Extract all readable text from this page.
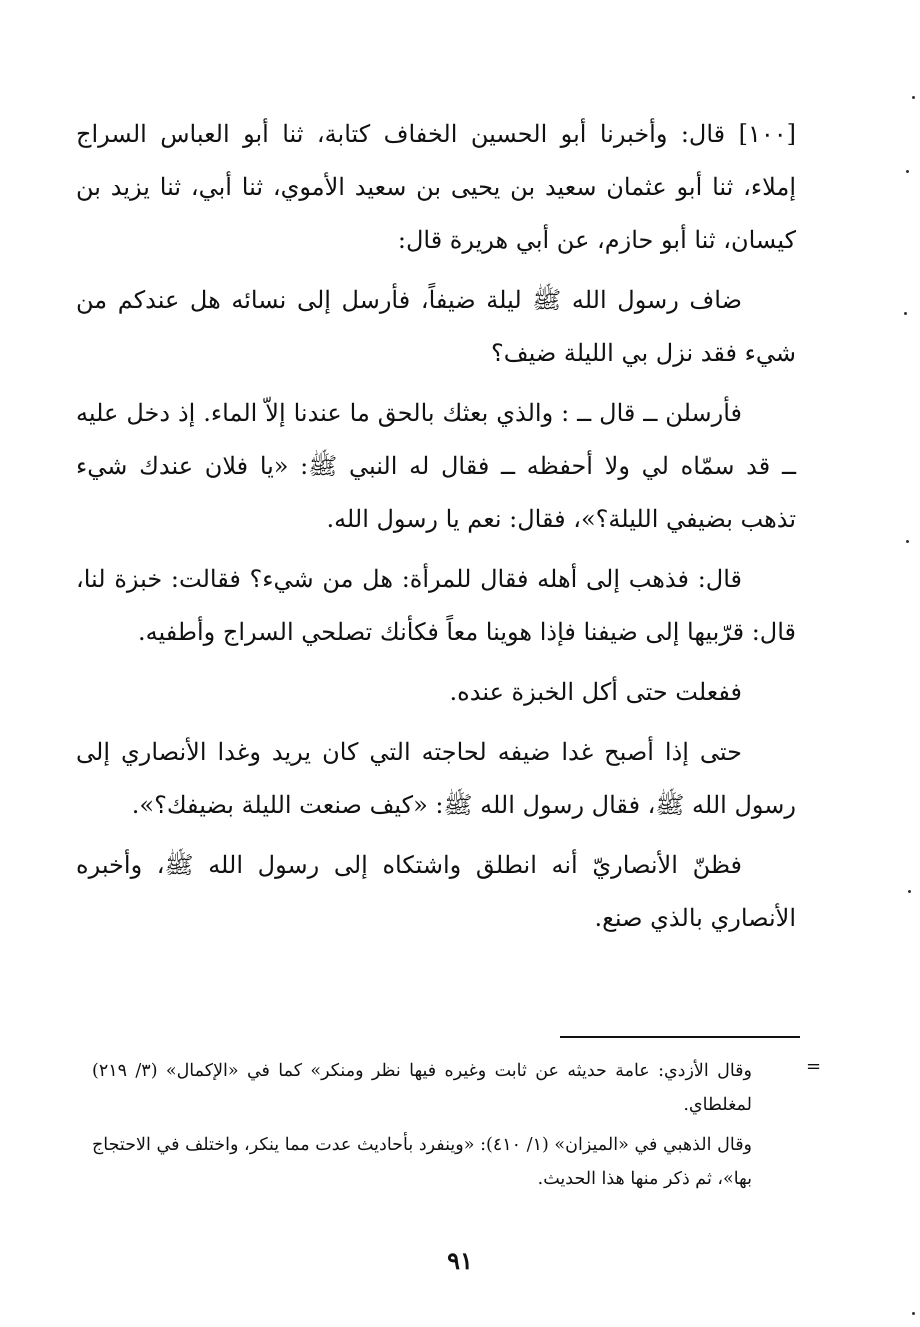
[١٠٠] قال: وأخبرنا أبو الحسين الخفاف كتابة، ثنا أبو العباس السراج إملاء، ثنا أبو عثمان سعيد بن يحيى بن سعيد الأموي، ثنا أبي، ثنا يزيد بن كيسان، ثنا أبو حازم، عن أبي هريرة قال:

ضاف رسول الله ﷺ ليلة ضيفاً، فأرسل إلى نسائه هل عندكم من شيء فقد نزل بي الليلة ضيف؟

فأرسلن ــ قال ــ : والذي بعثك بالحق ما عندنا إلاّ الماء. إذ دخل عليه ــ قد سمّاه لي ولا أحفظه ــ فقال له النبي ﷺ: «يا فلان عندك شيء تذهب بضيفي الليلة؟»، فقال: نعم يا رسول الله.

قال: فذهب إلى أهله فقال للمرأة: هل من شيء؟ فقالت: خبزة لنا، قال: قرّبيها إلى ضيفنا فإذا هوينا معاً فكأنك تصلحي السراج وأطفيه.

ففعلت حتى أكل الخبزة عنده.

حتى إذا أصبح غدا ضيفه لحاجته التي كان يريد وغدا الأنصاري إلى رسول الله ﷺ، فقال رسول الله ﷺ: «كيف صنعت الليلة بضيفك؟».

فظنّ الأنصاريّ أنه انطلق واشتكاه إلى رسول الله ﷺ، وأخبره الأنصاري بالذي صنع.

=

وقال الأزدي: عامة حديثه عن ثابت وغيره فيها نظر ومنكر» كما في «الإكمال» (٣/ ٢١٩) لمغلطاي.

وقال الذهبي في «الميزان» (١/ ٤١٠): «وينفرد بأحاديث عدت مما ينكر، واختلف في الاحتجاج بها»، ثم ذكر منها هذا الحديث.

٩١
